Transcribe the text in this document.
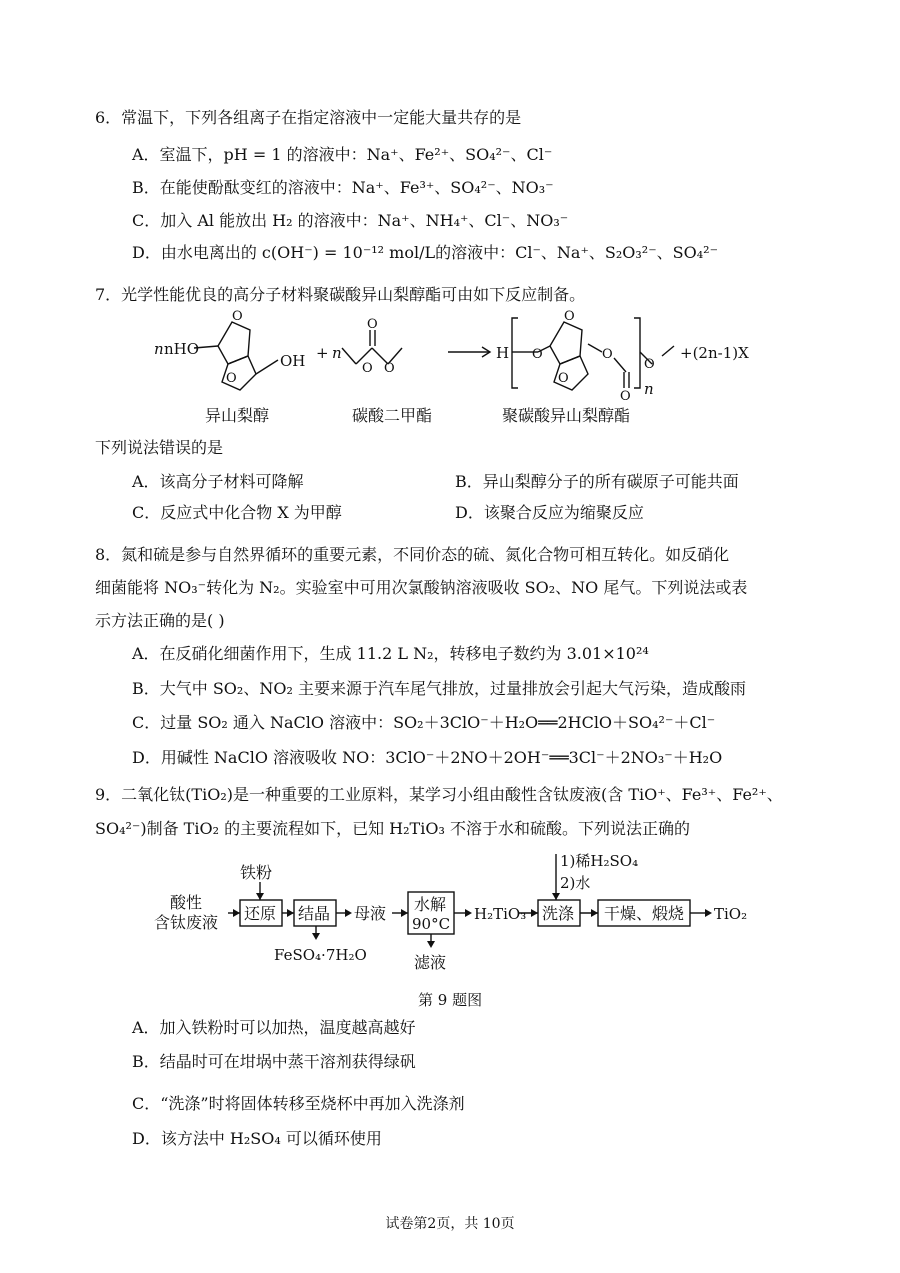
6．常温下，下列各组离子在指定溶液中一定能大量共存的是
A．室温下，pH = 1 的溶液中：Na⁺、Fe²⁺、SO₄²⁻、Cl⁻
B．在能使酚酞变红的溶液中：Na⁺、Fe³⁺、SO₄²⁻、NO₃⁻
C．加入 Al 能放出 H₂ 的溶液中：Na⁺、NH₄⁺、Cl⁻、NO₃⁻
D．由水电离出的 c(OH⁻) = 10⁻¹² mol/L的溶液中：Cl⁻、Na⁺、S₂O₃²⁻、SO₄²⁻
7．光学性能优良的高分子材料聚碳酸异山梨醇酯可由如下反应制备。
O
O
n nHO
OH + n
O
O O
H O
O
O
O
O
O
n
+(2n-1)X
异山梨醇	碳酸二甲酯	聚碳酸异山梨醇酯
下列说法错误的是
A．该高分子材料可降解	B．异山梨醇分子的所有碳原子可能共面
C．反应式中化合物 X 为甲醇	D．该聚合反应为缩聚反应
8．氮和硫是参与自然界循环的重要元素，不同价态的硫、氮化合物可相互转化。如反硝化
细菌能将 NO₃⁻转化为 N₂。实验室中可用次氯酸钠溶液吸收 SO₂、NO 尾气。下列说法或表
示方法正确的是( )
A．在反硝化细菌作用下，生成 11.2 L N₂，转移电子数约为 3.01×10²⁴
B．大气中 SO₂、NO₂ 主要来源于汽车尾气排放，过量排放会引起大气污染，造成酸雨
C．过量 SO₂ 通入 NaClO 溶液中：SO₂＋3ClO⁻＋H₂O══2HClO＋SO₄²⁻＋Cl⁻
D．用碱性 NaClO 溶液吸收 NO：3ClO⁻＋2NO＋2OH⁻══3Cl⁻＋2NO₃⁻＋H₂O
9．二氧化钛(TiO₂)是一种重要的工业原料，某学习小组由酸性含钛废液(含 TiO⁺、Fe³⁺、Fe²⁺、
SO₄²⁻)制备 TiO₂ 的主要流程如下，已知 H₂TiO₃ 不溶于水和硫酸。下列说法正确的
酸性
含钛废液
铁粉
还原 结晶
FeSO₄·7H₂O
母液 水解
90°C
滤液
H₂TiO₃
1)稀H₂SO₄
2)水
洗涤 干燥、煅烧 TiO₂
第 9 题图
A．加入铁粉时可以加热，温度越高越好
B．结晶时可在坩埚中蒸干溶剂获得绿矾
C．“洗涤”时将固体转移至烧杯中再加入洗涤剂
D．该方法中 H₂SO₄ 可以循环使用
试卷第2页，共 10页
